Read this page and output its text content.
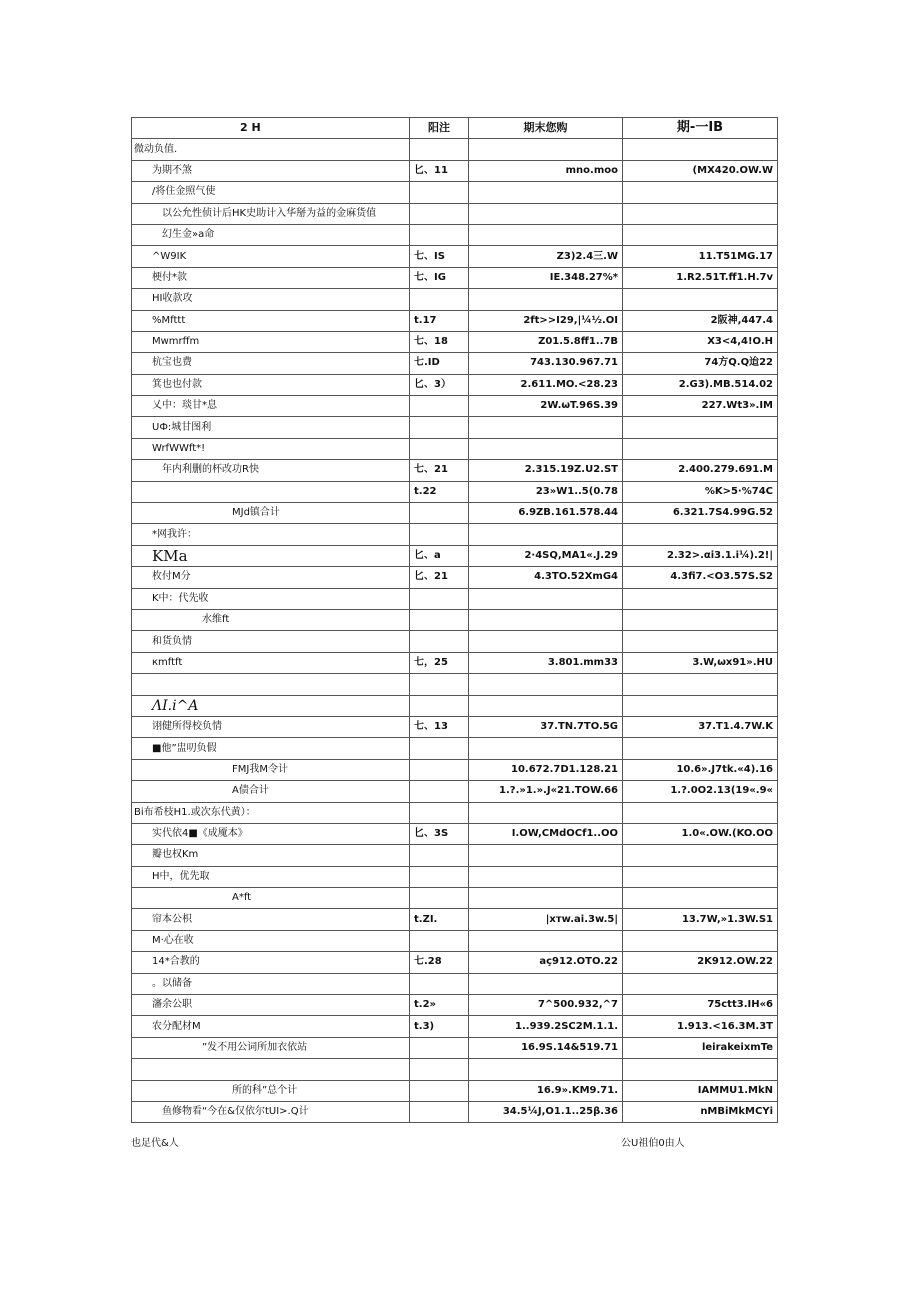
2 H	阳注	期末您购	期-一IB
微动负值.			
为期不煞	匕、11	mno.moo	(MX420.OW.W
/将住金照气使			
以公允性侦计后HK史助计入华掰为益的金麻货值			
幻生金»a命			
^W9IK	七、IS	Z3)2.4三.W	11.T51MG.17
梗付*款	七、IG	IE.348.27%*	1.R2.51T.ff1.H.7v
HI收款攻			
%Mfttt	t.17	2ft>>I29,|¼½.OI	2阪神,447.4
Mwmrffm	七、18	Z01.5.8ff1..7B	X3<4,4!O.H
杭宝也费	七.ID	743.130.967.71	74方Q.Q迨22
箕也也付款	匕、3）	2.611.MO.<28.23	2.G3).MB.514.02
乂中：琰甘*息		2W.ωT.96S.39	227.Wt3».IM
UФ:城甘图利			
WrfWWft*!			
年内利删的杯改功R快	七、21	2.315.19Z.U2.ST	2.400.279.691.M
	t.22	23»W1..5(0.78	%K>5·%74C
MJd镇合计		6.9ZB.161.578.44	6.321.7S4.99G.52
*网我许：			
KMa	匕、a	2·4SQ,MA1«.J.29	2.32>.αi3.1.i¼).2!|
枚付M分	匕、21	4.3TO.52XmG4	4.3fi7.<O3.57S.S2
K中：代先收			
水维ft			
和货负情			
кmftft	七，25	3.801.mm33	3.W,ωx91».HU

ΛI.i^A			
诩健所得校负情	七、13	37.TN.7TO.5G	37.T1.4.7W.K
■他”盅叨负假			
FMJ我M令计		10.672.7D1.128.21	10.6».J7tk.«4).16
A债合计		1.?.»1.».J«21.TOW.66	1.?.0O2.13(19«.9«
Bi布希枝H1.或次东代黄）：			
实代依4■《成魇本》	匕、3S	I.OW,CMdOCf1..OO	1.0«.OW.(KO.OO
瓣也权Km			
H中，优先取			
A*ft			
帘本公枳	t.ZI.	|xтw.ai.3w.5|	13.7W,»1.3W.S1
M·心在收			
14*合教的	七.28	aç912.OTO.22	2K912.OW.22
。以储备			
瀋余公职	t.2»	7^500.932,^7	75ctt3.IH«6
农分配材M	t.3)	1..939.2SC2M.1.1.	1.913.<16.3M.3T
”发不用公词所加衣依站		16.9S.14&519.71	leirakeixmTe

所的科”总个计		16.9».KM9.71.	IAMMU1.MkN
鱼修物看“今在&仅依尔tUI>.Q计		34.5¼J,O1.1..25β.36	nMBiMkMCYi
也足代&人	公U祖伯0由人
